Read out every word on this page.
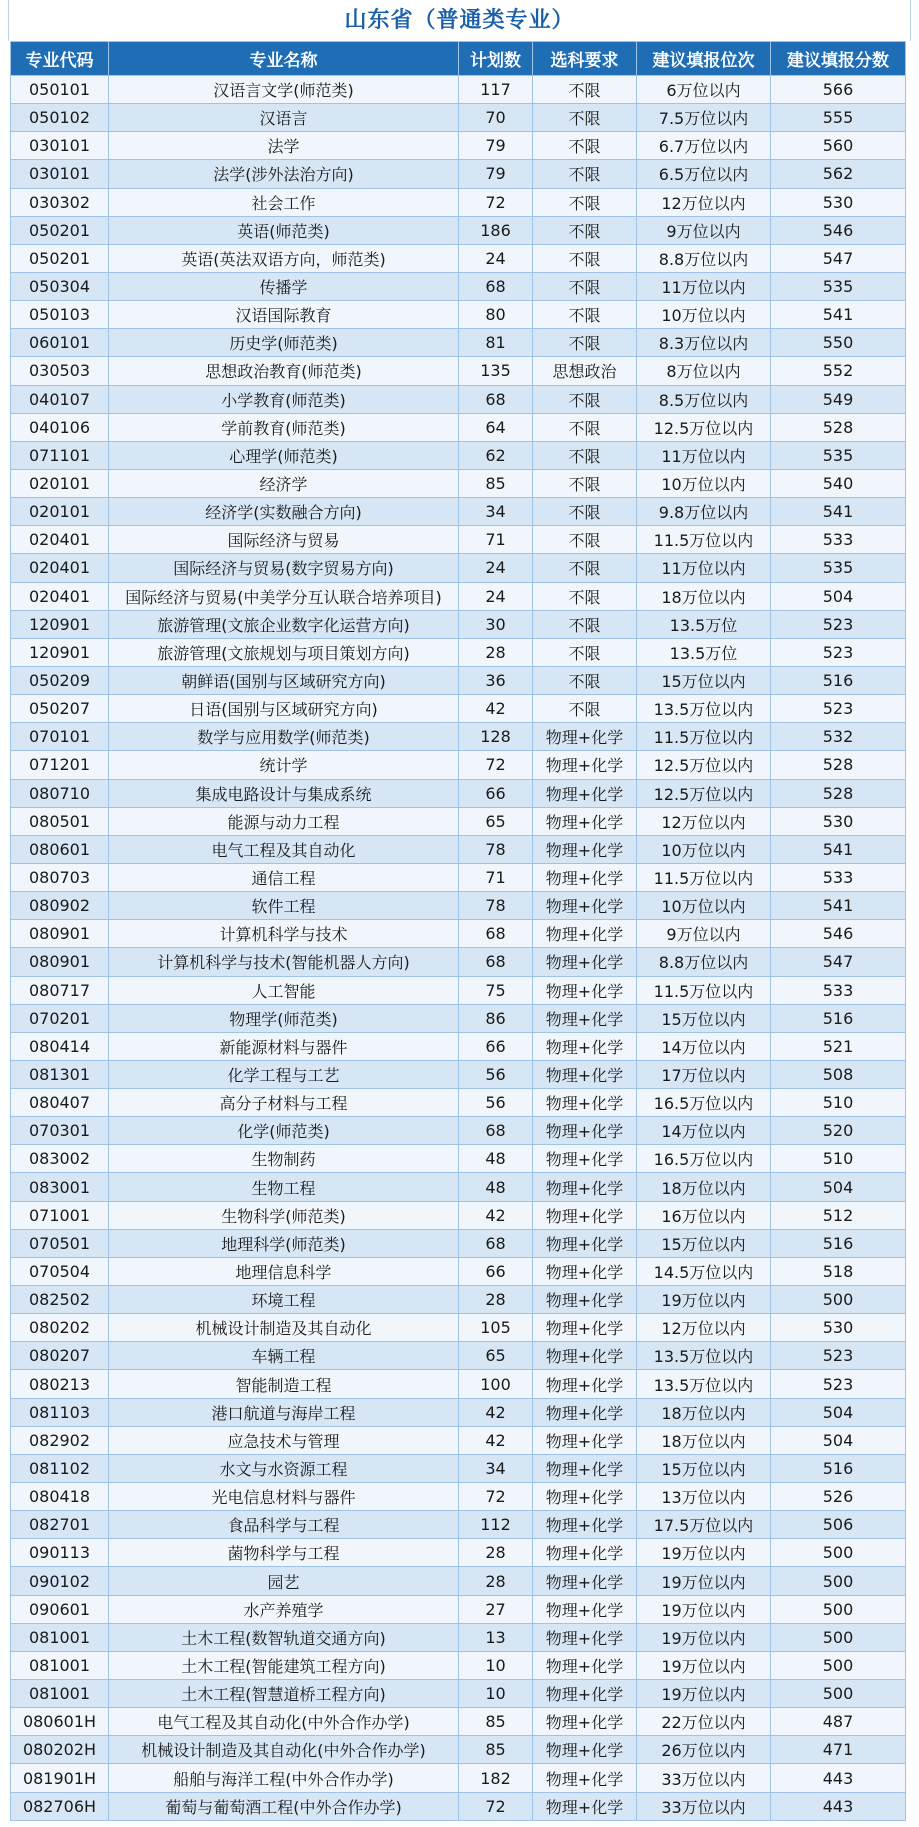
山东省（普通类专业）
专业代码	专业名称	计划数	选科要求	建议填报位次	建议填报分数
050101	汉语言文学(师范类)	117	不限	6万位以内	566
050102	汉语言	70	不限	7.5万位以内	555
030101	法学	79	不限	6.7万位以内	560
030101	法学(涉外法治方向)	79	不限	6.5万位以内	562
030302	社会工作	72	不限	12万位以内	530
050201	英语(师范类)	186	不限	9万位以内	546
050201	英语(英法双语方向，师范类)	24	不限	8.8万位以内	547
050304	传播学	68	不限	11万位以内	535
050103	汉语国际教育	80	不限	10万位以内	541
060101	历史学(师范类)	81	不限	8.3万位以内	550
030503	思想政治教育(师范类)	135	思想政治	8万位以内	552
040107	小学教育(师范类)	68	不限	8.5万位以内	549
040106	学前教育(师范类)	64	不限	12.5万位以内	528
071101	心理学(师范类)	62	不限	11万位以内	535
020101	经济学	85	不限	10万位以内	540
020101	经济学(实数融合方向)	34	不限	9.8万位以内	541
020401	国际经济与贸易	71	不限	11.5万位以内	533
020401	国际经济与贸易(数字贸易方向)	24	不限	11万位以内	535
020401	国际经济与贸易(中美学分互认联合培养项目)	24	不限	18万位以内	504
120901	旅游管理(文旅企业数字化运营方向)	30	不限	13.5万位	523
120901	旅游管理(文旅规划与项目策划方向)	28	不限	13.5万位	523
050209	朝鲜语(国别与区域研究方向)	36	不限	15万位以内	516
050207	日语(国别与区域研究方向)	42	不限	13.5万位以内	523
070101	数学与应用数学(师范类)	128	物理+化学	11.5万位以内	532
071201	统计学	72	物理+化学	12.5万位以内	528
080710	集成电路设计与集成系统	66	物理+化学	12.5万位以内	528
080501	能源与动力工程	65	物理+化学	12万位以内	530
080601	电气工程及其自动化	78	物理+化学	10万位以内	541
080703	通信工程	71	物理+化学	11.5万位以内	533
080902	软件工程	78	物理+化学	10万位以内	541
080901	计算机科学与技术	68	物理+化学	9万位以内	546
080901	计算机科学与技术(智能机器人方向)	68	物理+化学	8.8万位以内	547
080717	人工智能	75	物理+化学	11.5万位以内	533
070201	物理学(师范类)	86	物理+化学	15万位以内	516
080414	新能源材料与器件	66	物理+化学	14万位以内	521
081301	化学工程与工艺	56	物理+化学	17万位以内	508
080407	高分子材料与工程	56	物理+化学	16.5万位以内	510
070301	化学(师范类)	68	物理+化学	14万位以内	520
083002	生物制药	48	物理+化学	16.5万位以内	510
083001	生物工程	48	物理+化学	18万位以内	504
071001	生物科学(师范类)	42	物理+化学	16万位以内	512
070501	地理科学(师范类)	68	物理+化学	15万位以内	516
070504	地理信息科学	66	物理+化学	14.5万位以内	518
082502	环境工程	28	物理+化学	19万位以内	500
080202	机械设计制造及其自动化	105	物理+化学	12万位以内	530
080207	车辆工程	65	物理+化学	13.5万位以内	523
080213	智能制造工程	100	物理+化学	13.5万位以内	523
081103	港口航道与海岸工程	42	物理+化学	18万位以内	504
082902	应急技术与管理	42	物理+化学	18万位以内	504
081102	水文与水资源工程	34	物理+化学	15万位以内	516
080418	光电信息材料与器件	72	物理+化学	13万位以内	526
082701	食品科学与工程	112	物理+化学	17.5万位以内	506
090113	菌物科学与工程	28	物理+化学	19万位以内	500
090102	园艺	28	物理+化学	19万位以内	500
090601	水产养殖学	27	物理+化学	19万位以内	500
081001	土木工程(数智轨道交通方向)	13	物理+化学	19万位以内	500
081001	土木工程(智能建筑工程方向)	10	物理+化学	19万位以内	500
081001	土木工程(智慧道桥工程方向)	10	物理+化学	19万位以内	500
080601H	电气工程及其自动化(中外合作办学)	85	物理+化学	22万位以内	487
080202H	机械设计制造及其自动化(中外合作办学)	85	物理+化学	26万位以内	471
081901H	船舶与海洋工程(中外合作办学)	182	物理+化学	33万位以内	443
082706H	葡萄与葡萄酒工程(中外合作办学)	72	物理+化学	33万位以内	443
